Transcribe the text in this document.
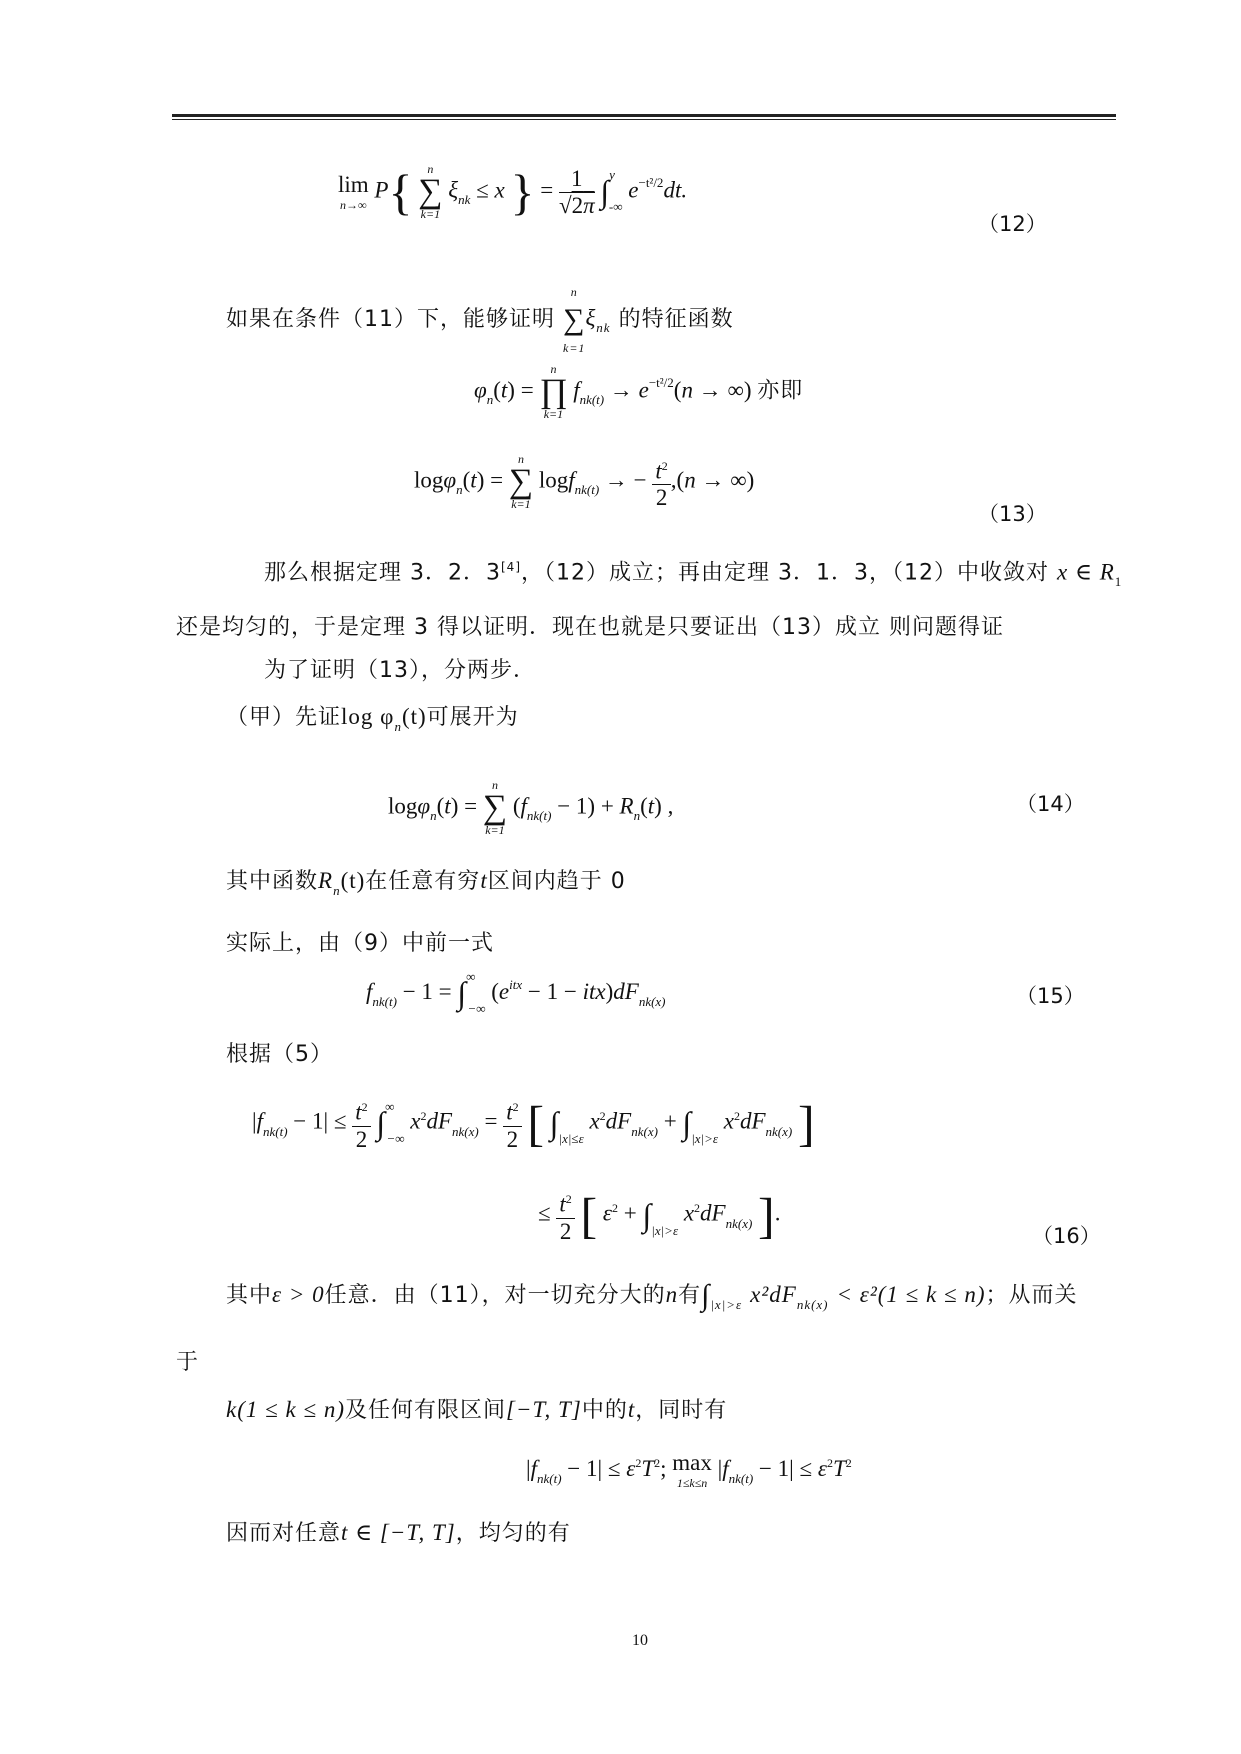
lim
n→∞
P{	n
∑
k=1
$\xi_{nk} \le x$ } = $\frac{1}{√2\pi} \int^y_{-\infty}$ $e^{-t^2/2}dt$.
（12）
如果在条件（11）下，能够证明
n
∑
k=1
$\xi_{nk}$ 的特征函数
$\varphi_n(t)$ =
n
∏
k=1
$f_{nk(t)} \to e^{-t^2/2}(n$ → ∞) 亦即
logφ$_n$(t) =
n
∑
k=1
logf$_{nk(t)}$ → − $\frac{t^2}{2} ,(n$ → ∞)
（13）
那么根据定理 3．2．3[4]，（12）成立；再由定理 3．1．3，（12）中收敛对 x ∈ $R_1$
还是均匀的，于是定理 3 得以证明．现在也就是只要证出（13）成立 则问题得证
为了证明（13），分两步．
（甲）先证$\log \varphi_n(t)$可展开为
logφ$_n$(t) =
n
∑
k=1
$(f_{nk(t)} - 1) + R_n(t)$ ,	（14）
其中函数$R_n(t)$在任意有穷t区间内趋于 0
实际上，由（9）中前一式
$f_{nk(t)} - 1 = \int^\infty_{-\infty}$ $(e^{itx} - 1 - itx)dF_{nk(x)}$	（15）
根据（5）
$|f_{nk(t)} - 1| \le \frac{t^2}{2} \int^\infty_{-\infty}$ $x^2dF_{nk(x)} = \frac{t^2}{2}$ [ $\int_{|x|\le\varepsilon}$ $x^2dF_{nk(x)} + \int_{|x|>\varepsilon}$ $x^2dF_{nk(x)}$ ]
≤ $\frac{t^2}{2}$ [ $\varepsilon^2 + \int_{|x|>\varepsilon}$ $x^2dF_{nk(x)}$ ].
（16）
其中ε > 0任意．由（11），对一切充分大的n有$\int_{|x|>\varepsilon}$ $x^2dF_{nk(x)} < \varepsilon^2(1 \le k \le n)$；从而关
于
k(1 ≤ k ≤ n)及任何有限区间[−T, T]中的t，同时有
$|f_{nk(t)} - 1| \le \varepsilon^2T^2$; max
1≤k≤n
$|f_{nk(t)} - 1| \le \varepsilon^2T^2$
因而对任意t ∈ [−T, T]，均匀的有
10
